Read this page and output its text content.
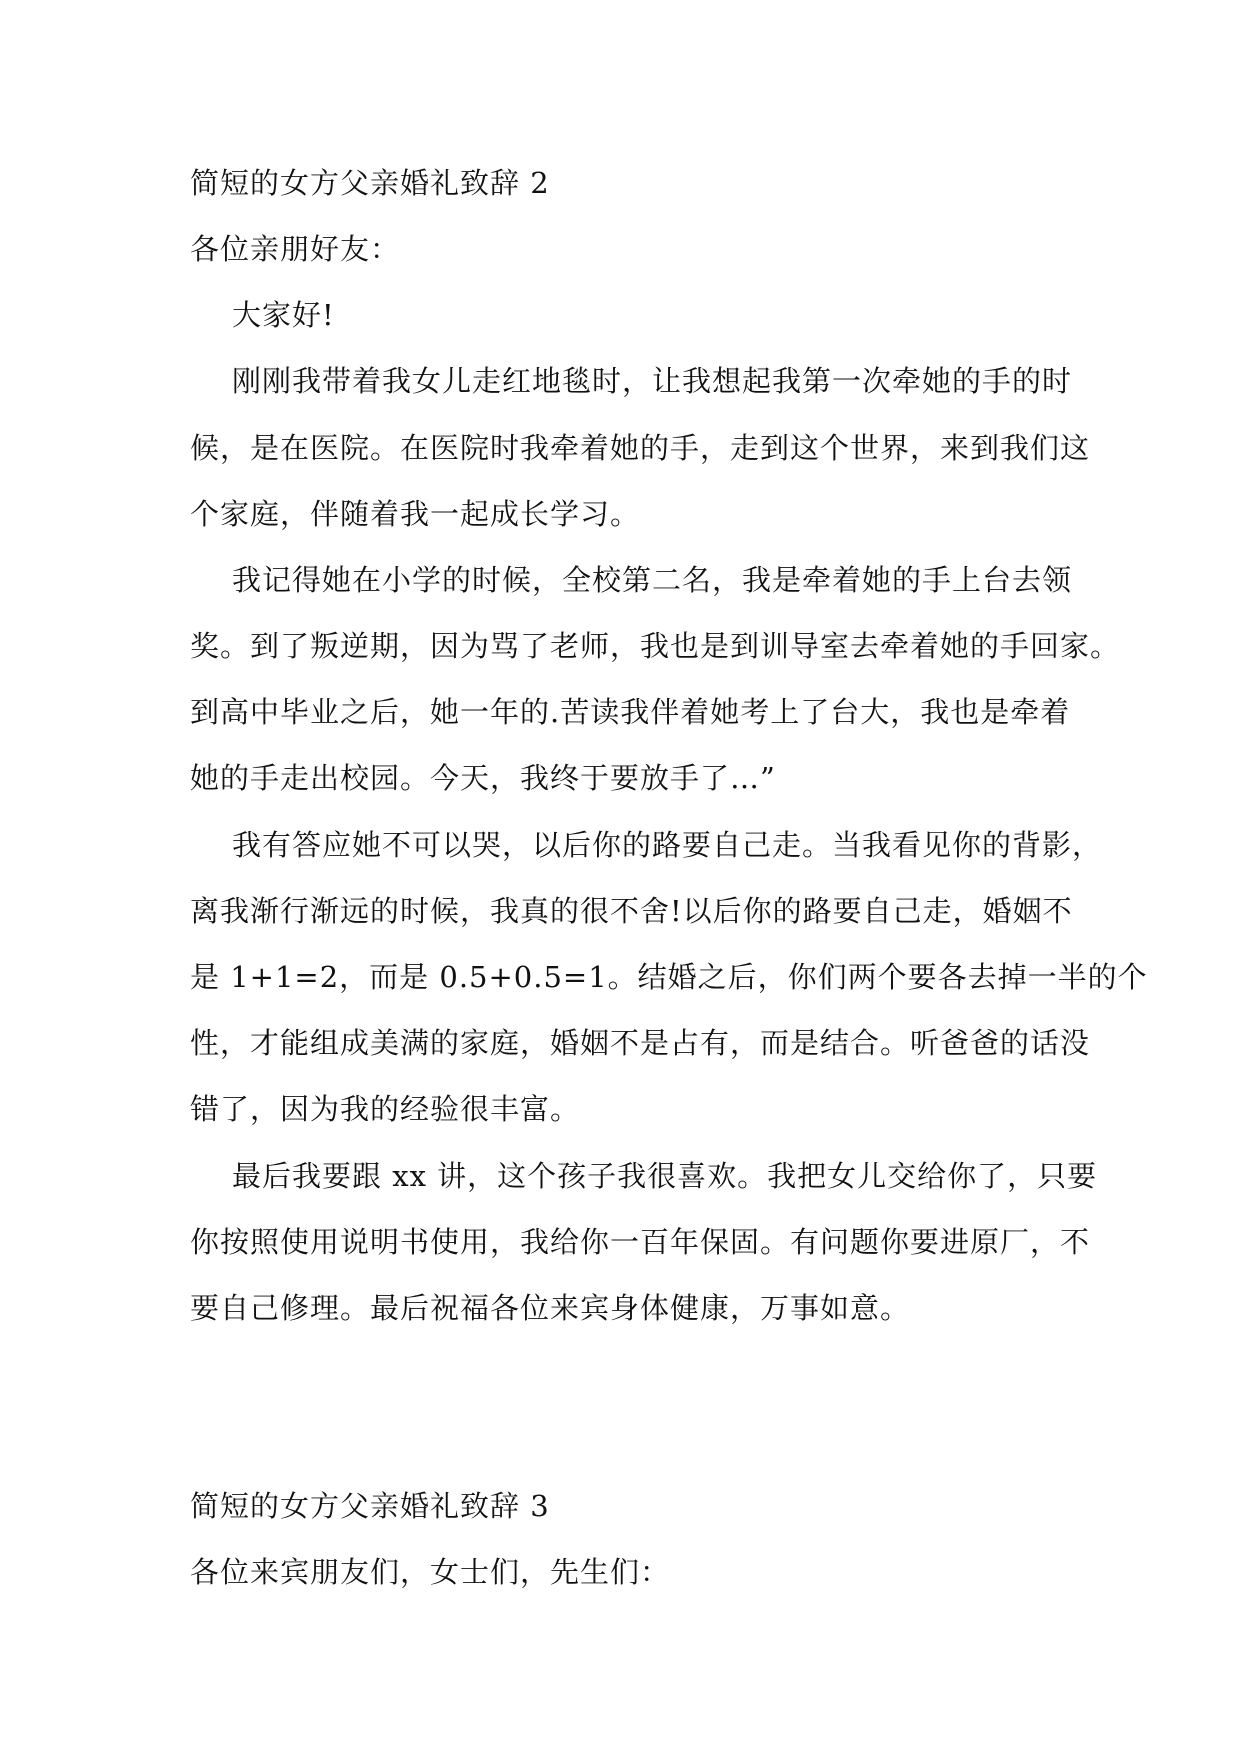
简短的女方父亲婚礼致辞 2
各位亲朋好友：
大家好!
刚刚我带着我女儿走红地毯时，让我想起我第一次牵她的手的时
候，是在医院。在医院时我牵着她的手，走到这个世界，来到我们这
个家庭，伴随着我一起成长学习。
我记得她在小学的时候，全校第二名，我是牵着她的手上台去领
奖。到了叛逆期，因为骂了老师，我也是到训导室去牵着她的手回家。
到高中毕业之后，她一年的.苦读我伴着她考上了台大，我也是牵着
她的手走出校园。今天，我终于要放手了…”
我有答应她不可以哭，以后你的路要自己走。当我看见你的背影，
离我渐行渐远的时候，我真的很不舍!以后你的路要自己走，婚姻不
是 1+1=2，而是 0.5+0.5=1。结婚之后，你们两个要各去掉一半的个
性，才能组成美满的家庭，婚姻不是占有，而是结合。听爸爸的话没
错了，因为我的经验很丰富。
最后我要跟 xx 讲，这个孩子我很喜欢。我把女儿交给你了，只要
你按照使用说明书使用，我给你一百年保固。有问题你要进原厂，不
要自己修理。最后祝福各位来宾身体健康，万事如意。
简短的女方父亲婚礼致辞 3
各位来宾朋友们，女士们，先生们：
